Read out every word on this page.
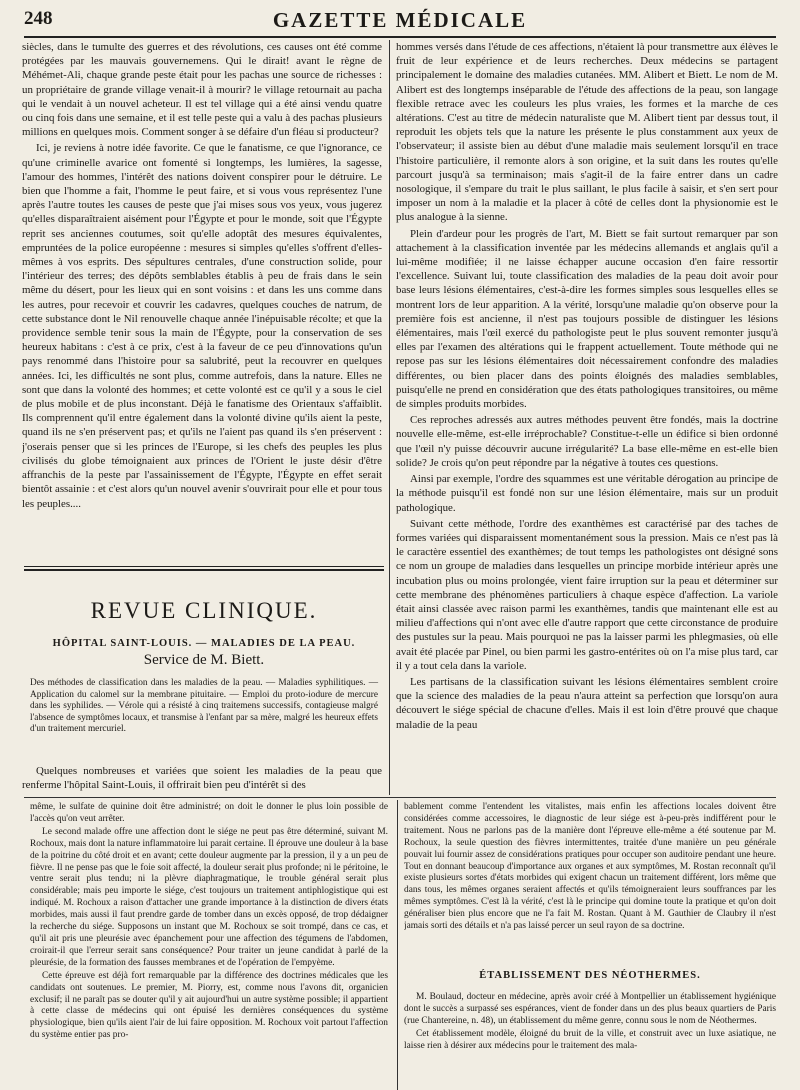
248	GAZETTE MÉDICALE

siècles, dans le tumulte des guerres et des révolutions, ces causes ont été comme protégées par les mauvais gouvernemens. Qui le dirait! avant le règne de Méhémet-Ali, chaque grande peste était pour les pachas une source de richesses : un propriétaire de grande village venait-il à mourir? le village retournait au pacha qui le vendait à un nouvel acheteur. Il est tel village qui a été ainsi vendu quatre ou cinq fois dans une semaine, et il est telle peste qui a valu à des pachas plusieurs millions en quelques mois. Comment songer à se défaire d'un fléau si producteur?

Ici, je reviens à notre idée favorite. Ce que le fanatisme, ce que l'ignorance, ce qu'une criminelle avarice ont fomenté si longtemps, les lumières, la sagesse, l'amour des hommes, l'intérêt des nations doivent conspirer pour le détruire. Le bien que l'homme a fait, l'homme le peut faire, et si vous vous représentez l'une après l'autre toutes les causes de peste que j'ai mises sous vos yeux, vous jugerez qu'elles disparaîtraient aisément pour l'Égypte et pour le monde, soit que l'Égypte reprit ses anciennes coutumes, soit qu'elle adoptât des mesures équivalentes, empruntées de la police européenne : mesures si simples qu'elles s'offrent d'elles-mêmes à vos esprits. Des sépultures centrales, d'une construction solide, pour l'intérieur des terres; des dépôts semblables établis à peu de frais dans le sein même du désert, pour les lieux qui en sont voisins : et dans les uns comme dans les autres, pour recevoir et couvrir les cadavres, quelques couches de natrum, de cette substance dont le Nil renouvelle chaque année l'inépuisable récolte; et que la providence semble tenir sous la main de l'Égypte, pour la conservation de ses heureux habitans : c'est à ce prix, c'est à la faveur de ce peu d'innovations qu'un pays renommé dans l'histoire pour sa salubrité, peut la recouvrer en quelques années. Ici, les difficultés ne sont plus, comme autrefois, dans la nature. Elles ne sont que dans la volonté des hommes; et cette volonté est ce qu'il y a sous le ciel de plus mobile et de plus inconstant. Déjà le fanatisme des Orientaux s'affaiblit. Ils comprennent qu'il entre également dans la volonté divine qu'ils aient la peste, quand ils ne s'en préservent pas; et qu'ils ne l'aient pas quand ils s'en préservent : j'oserais penser que si les princes de l'Europe, si les chefs des peuples les plus civilisés du globe témoignaient aux princes de l'Orient le juste désir d'être affranchis de la peste par l'assainissement de l'Égypte, l'Égypte en effet serait bientôt assainie : et c'est alors qu'un nouvel avenir s'ouvrirait pour elle et pour tous les peuples....

REVUE CLINIQUE.
HÔPITAL SAINT-LOUIS. — MALADIES DE LA PEAU.
Service de M. Biett.
Des méthodes de classification dans les maladies de la peau. — Maladies syphilitiques. — Application du calomel sur la membrane pituitaire. — Emploi du proto-iodure de mercure dans les syphilides. — Vérole qui a résisté à cinq traitemens successifs, contagieuse malgré l'absence de symptômes locaux, et transmise à l'enfant par sa mère, malgré les heureux effets d'un traitement mercuriel.
Quelques nombreuses et variées que soient les maladies de la peau que renferme l'hôpital Saint-Louis, il offrirait bien peu d'intérêt si des

hommes versés dans l'étude de ces affections, n'étaient là pour transmettre aux élèves le fruit de leur expérience et de leurs recherches. Deux médecins se partagent principalement le domaine des maladies cutanées. MM. Alibert et Biett. Le nom de M. Alibert est des longtemps inséparable de l'étude des affections de la peau, son langage flexible retrace avec les couleurs les plus vraies, les formes et la marche de ces altérations. C'est au titre de médecin naturaliste que M. Alibert tient par dessus tout, il reproduit les objets tels que la nature les présente le plus constamment aux yeux de l'observateur; il assiste bien au début d'une maladie mais seulement lorsqu'il en trace l'histoire particulière, il remonte alors à son origine, et la suit dans les routes qu'elle parcourt jusqu'à sa terminaison; mais s'agit-il de la faire entrer dans un cadre nosologique, il s'empare du trait le plus saillant, le plus facile à saisir, et s'en sert pour imposer un nom à la maladie et la placer à côté de celles dont la physionomie est le plus analogue à la sienne.

Plein d'ardeur pour les progrès de l'art, M. Biett se fait surtout remarquer par son attachement à la classification inventée par les médecins allemands et anglais qu'il a lui-même modifiée; il ne laisse échapper aucune occasion d'en faire ressortir l'excellence. Suivant lui, toute classification des maladies de la peau doit avoir pour base leurs lésions élémentaires, c'est-à-dire les formes simples sous lesquelles elles se montrent lors de leur apparition. A la vérité, lorsqu'une maladie qu'on observe pour la première fois est ancienne, il n'est pas toujours possible de distinguer les lésions élémentaires, mais l'œil exercé du pathologiste peut le plus souvent remonter jusqu'à elles par l'examen des altérations qui le frappent actuellement. Toute méthode qui ne repose pas sur les lésions élémentaires doit nécessairement confondre des maladies différentes, ou bien placer dans des points éloignés des maladies semblables, puisqu'elle ne prend en considération que des états pathologiques transitoires, ou même de simples produits morbides.

Ces reproches adressés aux autres méthodes peuvent être fondés, mais la doctrine nouvelle elle-même, est-elle irréprochable? Constitue-t-elle un édifice si bien ordonné que l'œil n'y puisse découvrir aucune irrégularité? La base elle-même en est-elle bien solide? Je crois qu'on peut répondre par la négative à toutes ces questions.

Ainsi par exemple, l'ordre des squammes est une véritable dérogation au principe de la méthode puisqu'il est fondé non sur une lésion élémentaire, mais sur un produit pathologique.

Suivant cette méthode, l'ordre des exanthèmes est caractérisé par des taches de formes variées qui disparaissent momentanément sous la pression. Mais ce n'est pas là le caractère essentiel des exanthèmes; de tout temps les pathologistes ont désigné sons ce nom un groupe de maladies dans lesquelles un principe morbide intérieur après une incubation plus ou moins prolongée, vient faire irruption sur la peau et déterminer sur cette membrane des phénomènes particuliers à chaque espèce d'affection. La variole était ainsi classée avec raison parmi les exanthèmes, tandis que maintenant elle est au milieu d'affections qui n'ont avec elle d'autre rapport que cette circonstance de produire des pustules sur la peau. Mais pourquoi ne pas la laisser parmi les phlegmasies, où elle avait été placée par Pinel, ou bien parmi les gastro-entérites où on l'a mise plus tard, car il y a tout cela dans la variole.

Les partisans de la classification suivant les lésions élémentaires semblent croire que la science des maladies de la peau n'aura atteint sa perfection que lorsqu'on aura découvert le siége spécial de chacune d'elles. Mais il est loin d'être prouvé que chaque maladie de la peau

même, le sulfate de quinine doit être administré; on doit le donner le plus loin possible de l'accès qu'on veut arrêter.

Le second malade offre une affection dont le siége ne peut pas être déterminé, suivant M. Rochoux, mais dont la nature inflammatoire lui parait certaine. Il éprouve une douleur à la base de la poitrine du côté droit et en avant; cette douleur augmente par la pression, il y a un peu de fièvre. Il ne pense pas que le foie soit affecté, la douleur serait plus profonde; ni le péritoine, le ventre serait plus tendu; ni la plèvre diaphragmatique, le trouble général serait plus considérable; mais peu importe le siége, c'est toujours un traitement antiphlogistique qui est indiqué. M. Rochoux a raison d'attacher une grande importance à la distinction de divers états morbides, mais aussi il faut prendre garde de tomber dans un excès opposé, de trop dédaigner la recherche du siége. Supposons un instant que M. Rochoux se soit trompé, dans ce cas, et qu'il ait pris une pleurésie avec épanchement pour une affection des tégumens de l'abdomen, croirait-il que l'erreur serait sans conséquence? Pour traiter un jeune candidat à parlé de la pleurésie, de la formation des fausses membranes et de l'opération de l'empyème.

Cette épreuve est déjà fort remarquable par la différence des doctrines médicales que les candidats ont soutenues. Le premier, M. Piorry, est, comme nous l'avons dit, organicien exclusif; il ne paraît pas se douter qu'il y ait aujourd'hui un autre système possible; il appartient à cette classe de médecins qui ont épuisé les dernières conséquences du système physiologique, bien qu'ils aient l'air de lui faire opposition. M. Rochoux voit partout l'affection du système entier pas pro-

bablement comme l'entendent les vitalistes, mais enfin les affections locales doivent être considérées comme accessoires, le diagnostic de leur siége est à-peu-près indifférent pour le traitement. Nous ne parlons pas de la manière dont l'épreuve elle-même a été soutenue par M. Rochoux, la seule question des fièvres intermittentes, traitée d'une manière un peu générale pouvait lui fournir assez de considérations pratiques pour occuper son auditoire pendant une heure. Tout en donnant beaucoup d'importance aux organes et aux symptômes, M. Rostan reconnaît qu'il existe plusieurs sortes d'états morbides qui exigent chacun un traitement différent, lors même que dans tous, les mêmes organes seraient affectés et qu'ils témoigneraient leurs souffrances par les mêmes symptômes. C'est là la vérité, c'est là le principe qui domine toute la pratique et qu'on doit généraliser bien plus encore que ne l'a fait M. Rostan. Quant à M. Gauthier de Claubry il n'est jamais sorti des détails et n'a pas laissé percer un seul rayon de sa doctrine.

ÉTABLISSEMENT DES NÉOTHERMES.

M. Boulaud, docteur en médecine, après avoir créé à Montpellier un établissement hygiénique dont le succès a surpassé ses espérances, vient de fonder dans un des plus beaux quartiers de Paris (rue Chantereine, n. 48), un établissement du même genre, connu sous le nom de Néothermes.

Cet établissement modèle, éloigné du bruit de la ville, et construit avec un luxe asiatique, ne laisse rien à désirer aux médecins pour le traitement des mala-
